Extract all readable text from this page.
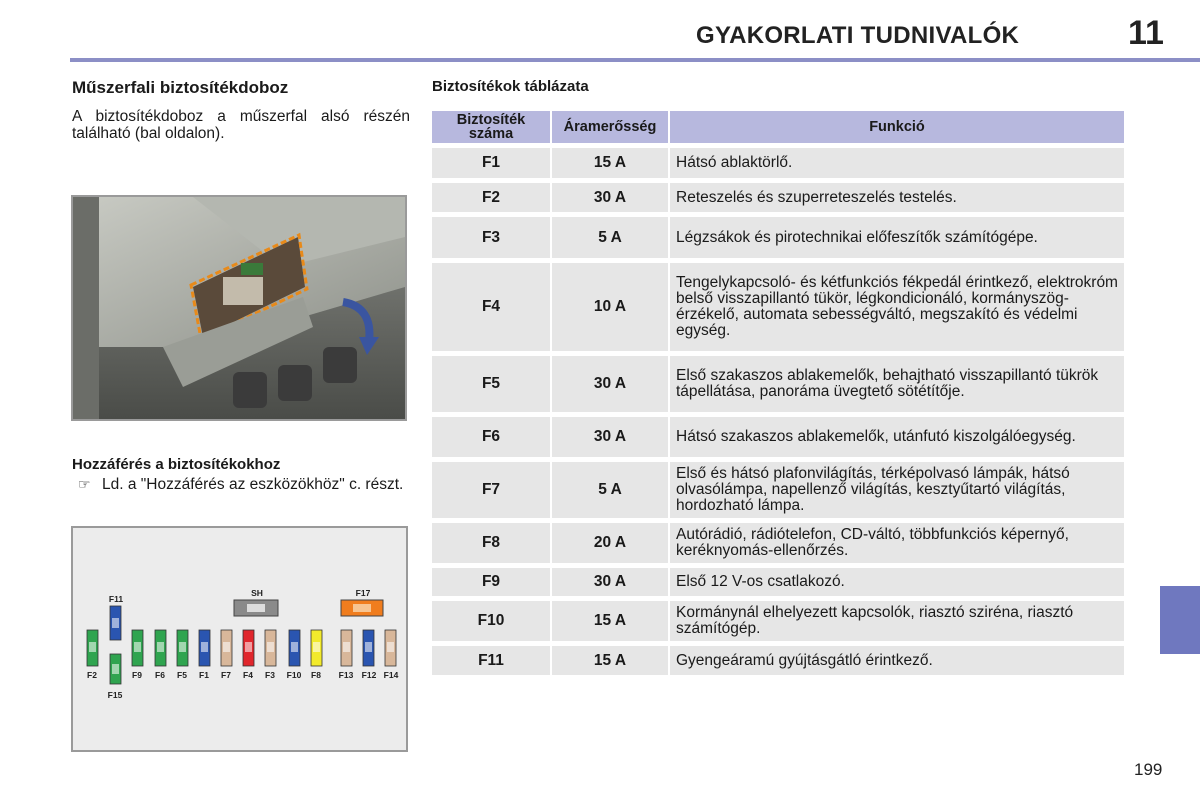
GYAKORLATI TUDNIVALÓK	11
Műszerfali biztosítékdoboz
A biztosítékdoboz a műszerfal alsó részén található (bal oldalon).
Hozzáférés a biztosítékokhoz
☞ Ld. a "Hozzáférés az eszközökhöz" c. részt.
SH	F17
F11
F2
F15
F9 F6 F5 F1 F7 F4 F3 F10 F8 F13 F12 F14
Biztosítékok táblázata
Biztosíték száma	Áramerősség	Funkció
F1	15 A	Hátsó ablaktörlő.
F2	30 A	Reteszelés és szuperreteszelés testelés.
F3	5 A	Légzsákok és pirotechnikai előfeszítők számítógépe.
F4	10 A	Tengelykapcsoló- és kétfunkciós fékpedál érintkező, elektrokróm belső visszapillantó tükör, légkondicionáló, kormányszög-érzékelő, automata sebességváltó, megszakító és védelmi egység.
F5	30 A	Első szakaszos ablakemelők, behajtható visszapillantó tükrök tápellátása, panoráma üvegtető sötétítője.
F6	30 A	Hátsó szakaszos ablakemelők, utánfutó kiszolgálóegység.
F7	5 A	Első és hátsó plafonvilágítás, térképolvasó lámpák, hátsó olvasólámpa, napellenző világítás, kesztyűtartó világítás, hordozható lámpa.
F8	20 A	Autórádió, rádiótelefon, CD-váltó, többfunkciós képernyő, keréknyomás-ellenőrzés.
F9	30 A	Első 12 V-os csatlakozó.
F10	15 A	Kormánynál elhelyezett kapcsolók, riasztó sziréna, riasztó számítógép.
F11	15 A	Gyengeáramú gyújtásgátló érintkező.
199
